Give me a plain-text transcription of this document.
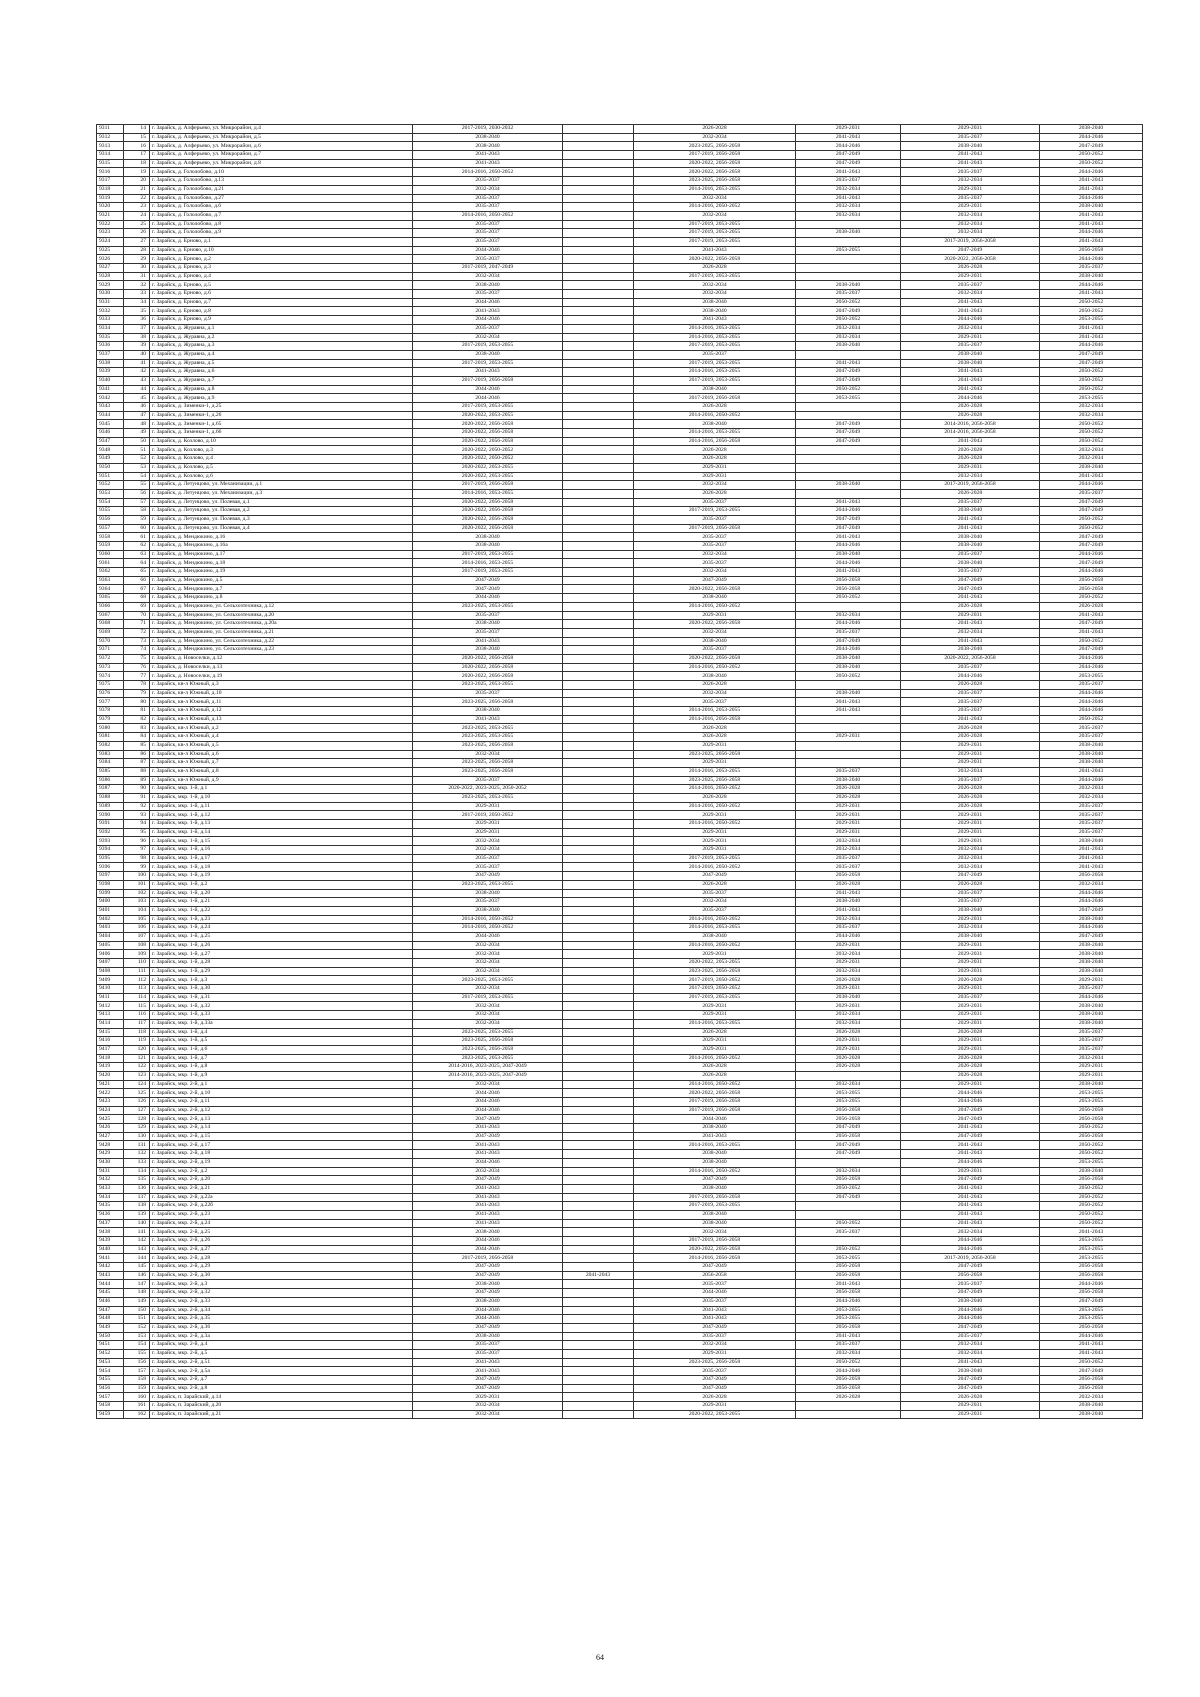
9311	14	г. Зарайск, д. Алферьево, ул. Микрорайон, д.4	2017-2019, 2030-2032		2026-2028	2029-2031	2029-2031	2038-2040
9312	15	г. Зарайск, д. Алферьево, ул. Микрорайон, д.5	2038-2040		2032-2034	2041-2043	2035-2037	2044-2046
9313	16	г. Зарайск, д. Алферьево, ул. Микрорайон, д.6	2038-2040		2023-2025, 2056-2058	2044-2046	2038-2040	2047-2049
9314	17	г. Зарайск, д. Алферьево, ул. Микрорайон, д.7	2041-2043		2017-2019, 2056-2058	2047-2049	2041-2043	2050-2052
9315	18	г. Зарайск, д. Алферьево, ул. Микрорайон, д.8	2041-2043		2020-2022, 2056-2058	2047-2049	2041-2043	2050-2052
9316	19	г. Зарайск, д. Гололобово, д.10	2014-2016, 2050-2052		2020-2022, 2056-2058	2041-2043	2035-2037	2044-2046
9317	20	г. Зарайск, д. Гололобово, д.13	2035-2037		2023-2025, 2056-2058	2035-2037	2032-2034	2041-2043
9318	21	г. Зарайск, д. Гололобово, д.21	2032-2034		2014-2016, 2053-2055	2032-2034	2029-2031	2041-2043
9319	22	г. Зарайск, д. Гололобово, д.27	2035-2037		2032-2034	2041-2043	2035-2037	2044-2046
9320	23	г. Зарайск, д. Гололобово, д.6	2035-2037		2014-2016, 2050-2052	2032-2034	2029-2031	2038-2040
9321	24	г. Зарайск, д. Гололобово, д.7	2014-2016, 2050-2052		2032-2034	2032-2034	2032-2034	2041-2043
9322	25	г. Зарайск, д. Гололобово, д.8	2035-2037		2017-2019, 2053-2055		2032-2034	2041-2043
9323	26	г. Зарайск, д. Гололобово, д.9	2035-2037		2017-2019, 2053-2055	2038-2040	2032-2034	2044-2046
9324	27	г. Зарайск, д. Ерново, д.1	2035-2037		2017-2019, 2053-2055		2017-2019, 2056-2058	2041-2043
9325	28	г. Зарайск, д. Ерново, д.10	2044-2046		2041-2043	2053-2055	2047-2049	2056-2058
9326	29	г. Зарайск, д. Ерново, д.2	2035-2037		2020-2022, 2056-2058		2020-2022, 2056-2058	2044-2046
9327	30	г. Зарайск, д. Ерново, д.3	2017-2019, 2047-2049		2026-2028		2026-2028	2035-2037
9328	31	г. Зарайск, д. Ерново, д.4	2032-2034		2017-2019, 2053-2055		2029-2031	2038-2040
9329	32	г. Зарайск, д. Ерново, д.5	2038-2040		2032-2034	2038-2040	2035-2037	2044-2046
9330	33	г. Зарайск, д. Ерново, д.6	2035-2037		2032-2034	2035-2037	2032-2034	2041-2043
9331	34	г. Зарайск, д. Ерново, д.7	2044-2046		2038-2040	2050-2052	2041-2043	2050-2052
9332	35	г. Зарайск, д. Ерново, д.8	2041-2043		2038-2040	2047-2049	2041-2043	2050-2052
9333	36	г. Зарайск, д. Ерново, д.9	2044-2046		2041-2043	2050-2052	2044-2046	2053-2055
9334	37	г. Зарайск, д. Журавна, д.1	2035-2037		2014-2016, 2053-2055	2032-2034	2032-2034	2041-2043
9335	38	г. Зарайск, д. Журавна, д.2	2032-2034		2014-2016, 2053-2055	2032-2034	2029-2031	2041-2043
9336	39	г. Зарайск, д. Журавна, д.3	2017-2019, 2053-2055		2017-2019, 2053-2055	2038-2040	2035-2037	2044-2046
9337	40	г. Зарайск, д. Журавна, д.4	2038-2040		2035-2037		2038-2040	2047-2049
9338	41	г. Зарайск, д. Журавна, д.5	2017-2019, 2053-2055		2017-2019, 2053-2055	2041-2043	2038-2040	2047-2049
9339	42	г. Зарайск, д. Журавна, д.6	2041-2043		2014-2016, 2053-2055	2047-2049	2041-2043	2050-2052
9340	43	г. Зарайск, д. Журавна, д.7	2017-2019, 2056-2058		2017-2019, 2053-2055	2047-2049	2041-2043	2050-2052
9341	44	г. Зарайск, д. Журавна, д.8	2044-2046		2038-2040	2050-2052	2041-2043	2050-2052
9342	45	г. Зарайск, д. Журавна, д.9	2044-2046		2017-2019, 2056-2058	2053-2055	2044-2046	2053-2055
9343	46	г. Зарайск, д. Зименки-1, д.25	2017-2019, 2053-2055		2026-2028		2026-2028	2032-2034
9344	47	г. Зарайск, д. Зименки-1, д.26	2020-2022, 2053-2055		2014-2016, 2050-2052		2026-2028	2032-2034
9345	48	г. Зарайск, д. Зименки-1, д.65	2020-2022, 2056-2058		2038-2040	2047-2049	2014-2016, 2056-2058	2050-2052
9346	49	г. Зарайск, д. Зименки-1, д.66	2020-2022, 2056-2058		2014-2016, 2053-2055	2047-2049	2014-2016, 2056-2058	2050-2052
9347	50	г. Зарайск, д. Козлово, д.10	2020-2022, 2056-2058		2014-2016, 2056-2058	2047-2049	2041-2043	2050-2052
9348	51	г. Зарайск, д. Козлово, д.3	2020-2022, 2050-2052		2026-2028		2026-2028	2032-2034
9349	52	г. Зарайск, д. Козлово, д.4	2020-2022, 2050-2052		2026-2028		2026-2028	2032-2034
9350	53	г. Зарайск, д. Козлово, д.5	2020-2022, 2053-2055		2029-2031		2029-2031	2038-2040
9351	54	г. Зарайск, д. Козлово, д.6	2020-2022, 2053-2055		2029-2031		2032-2034	2041-2043
9352	55	г. Зарайск, д. Летунцово, ул. Механизации, д.1	2017-2019, 2056-2058		2032-2034	2038-2040	2017-2019, 2056-2058	2044-2046
9353	56	г. Зарайск, д. Летунцово, ул. Механизации, д.3	2014-2016, 2053-2055		2026-2028		2026-2028	2035-2037
9354	57	г. Зарайск, д. Летунцово, ул. Полевая, д.1	2020-2022, 2056-2058		2035-2037	2041-2043	2035-2037	2047-2049
9355	58	г. Зарайск, д. Летунцово, ул. Полевая, д.2	2020-2022, 2056-2058		2017-2019, 2053-2055	2044-2046	2038-2040	2047-2049
9356	59	г. Зарайск, д. Летунцово, ул. Полевая, д.3	2020-2022, 2056-2058		2035-2037	2047-2049	2041-2043	2050-2052
9357	60	г. Зарайск, д. Летунцово, ул. Полевая, д.4	2020-2022, 2056-2058		2017-2019, 2056-2058	2047-2049	2041-2043	2050-2052
9358	61	г. Зарайск, д. Мендюкино, д.16	2038-2040		2035-2037	2041-2043	2038-2040	2047-2049
9359	62	г. Зарайск, д. Мендюкино, д.16а	2038-2040		2035-2037	2044-2046	2038-2040	2047-2049
9360	63	г. Зарайск, д. Мендюкино, д.17	2017-2019, 2053-2055		2032-2034	2038-2040	2035-2037	2044-2046
9361	64	г. Зарайск, д. Мендюкино, д.18	2014-2016, 2053-2055		2035-2037	2044-2046	2038-2040	2047-2049
9362	65	г. Зарайск, д. Мендюкино, д.19	2017-2019, 2053-2055		2032-2034	2041-2043	2035-2037	2044-2046
9363	66	г. Зарайск, д. Мендюкино, д.5	2047-2049		2047-2049	2056-2058	2047-2049	2056-2058
9364	67	г. Зарайск, д. Мендюкино, д.7	2047-2049		2020-2022, 2056-2058	2056-2058	2047-2049	2056-2058
9365	68	г. Зарайск, д. Мендюкино, д.8	2044-2046		2038-2040	2050-2052	2041-2043	2050-2052
9366	69	г. Зарайск, д. Мендюкино, ул. Сельхозтехника, д.12	2023-2025, 2053-2055		2014-2016, 2050-2052		2026-2028	2026-2028
9367	70	г. Зарайск, д. Мендюкино, ул. Сельхозтехника, д.20	2035-2037		2029-2031	2032-2034	2029-2031	2041-2043
9368	71	г. Зарайск, д. Мендюкино, ул. Сельхозтехника, д.20а	2038-2040		2020-2022, 2056-2058	2044-2046	2041-2043	2047-2049
9369	72	г. Зарайск, д. Мендюкино, ул. Сельхозтехника, д.21	2035-2037		2032-2034	2035-2037	2032-2034	2041-2043
9370	73	г. Зарайск, д. Мендюкино, ул. Сельхозтехника, д.22	2041-2043		2038-2040	2047-2049	2041-2043	2050-2052
9371	74	г. Зарайск, д. Мендюкино, ул. Сельхозтехника, д.23	2038-2040		2035-2037	2044-2046	2038-2040	2047-2049
9372	75	г. Зарайск, д. Новоселки, д.12	2020-2022, 2056-2058		2020-2022, 2056-2058	2038-2040	2020-2022, 2056-2058	2044-2046
9373	76	г. Зарайск, д. Новоселки, д.13	2020-2022, 2056-2058		2014-2016, 2050-2052	2038-2040	2035-2037	2044-2046
9374	77	г. Зарайск, д. Новоселки, д.19	2020-2022, 2056-2058		2038-2040	2050-2052	2044-2046	2053-2055
9375	78	г. Зарайск, кв-л Южный, д.3	2023-2025, 2053-2055		2026-2028		2026-2028	2035-2037
9376	79	г. Зарайск, кв-л Южный, д.10	2035-2037		2032-2034	2038-2040	2035-2037	2044-2046
9377	80	г. Зарайск, кв-л Южный, д.11	2023-2025, 2056-2058		2035-2037	2041-2043	2035-2037	2044-2046
9378	81	г. Зарайск, кв-л Южный, д.12	2038-2040		2014-2016, 2053-2055	2041-2043	2035-2037	2044-2046
9379	82	г. Зарайск, кв-л Южный, д.13	2041-2043		2014-2016, 2056-2058		2041-2043	2050-2052
9380	83	г. Зарайск, кв-л Южный, д.2	2023-2025, 2053-2055		2026-2028		2026-2028	2035-2037
9381	84	г. Зарайск, кв-л Южный, д.4	2023-2025, 2053-2055		2026-2028	2029-2031	2026-2028	2035-2037
9382	85	г. Зарайск, кв-л Южный, д.5	2023-2025, 2056-2058		2029-2031		2029-2031	2038-2040
9383	86	г. Зарайск, кв-л Южный, д.6	2032-2034		2023-2025, 2056-2058		2029-2031	2038-2040
9384	87	г. Зарайск, кв-л Южный, д.7	2023-2025, 2056-2058		2029-2031		2029-2031	2038-2040
9385	88	г. Зарайск, кв-л Южный, д.8	2023-2025, 2056-2058		2014-2016, 2053-2055	2035-2037	2032-2034	2041-2043
9386	89	г. Зарайск, кв-л Южный, д.9	2035-2037		2023-2025, 2056-2058	2038-2040	2035-2037	2044-2046
9387	90	г. Зарайск, мкр. 1-й, д.1	2020-2022, 2023-2025, 2050-2052		2014-2016, 2050-2052	2026-2028	2026-2028	2032-2034
9388	91	г. Зарайск, мкр. 1-й, д.10	2023-2025, 2053-2055		2026-2028	2026-2028	2026-2028	2032-2034
9389	92	г. Зарайск, мкр. 1-й, д.11	2029-2031		2014-2016, 2050-2052	2029-2031	2026-2028	2035-2037
9390	93	г. Зарайск, мкр. 1-й, д.12	2017-2019, 2050-2052		2029-2031	2029-2031	2029-2031	2035-2037
9391	94	г. Зарайск, мкр. 1-й, д.13	2029-2031		2014-2016, 2050-2052	2029-2031	2029-2031	2035-2037
9392	95	г. Зарайск, мкр. 1-й, д.14	2029-2031		2029-2031	2029-2031	2029-2031	2035-2037
9393	96	г. Зарайск, мкр. 1-й, д.15	2032-2034		2029-2031	2032-2034	2029-2031	2038-2040
9394	97	г. Зарайск, мкр. 1-й, д.16	2032-2034		2029-2031	2032-2034	2032-2034	2041-2043
9395	98	г. Зарайск, мкр. 1-й, д.17	2035-2037		2017-2019, 2053-2055	2035-2037	2032-2034	2041-2043
9396	99	г. Зарайск, мкр. 1-й, д.18	2035-2037		2014-2016, 2050-2052	2035-2037	2032-2034	2041-2043
9397	100	г. Зарайск, мкр. 1-й, д.19	2047-2049		2047-2049	2056-2058	2047-2049	2056-2058
9398	101	г. Зарайск, мкр. 1-й, д.2	2023-2025, 2053-2055		2026-2028	2026-2028	2026-2028	2032-2034
9399	102	г. Зарайск, мкр. 1-й, д.20	2038-2040		2035-2037	2041-2043	2035-2037	2044-2046
9400	103	г. Зарайск, мкр. 1-й, д.21	2035-2037		2032-2034	2038-2040	2035-2037	2044-2046
9401	104	г. Зарайск, мкр. 1-й, д.22	2038-2040		2035-2037	2041-2043	2038-2040	2047-2049
9402	105	г. Зарайск, мкр. 1-й, д.23	2014-2016, 2050-2052		2014-2016, 2050-2052	2032-2034	2029-2031	2038-2040
9403	106	г. Зарайск, мкр. 1-й, д.24	2014-2016, 2050-2052		2014-2016, 2053-2055	2035-2037	2032-2034	2044-2046
9404	107	г. Зарайск, мкр. 1-й, д.25	2044-2046		2038-2040	2044-2046	2038-2040	2047-2049
9405	108	г. Зарайск, мкр. 1-й, д.26	2032-2034		2014-2016, 2050-2052	2029-2031	2029-2031	2038-2040
9406	109	г. Зарайск, мкр. 1-й, д.27	2032-2034		2029-2031	2032-2034	2029-2031	2038-2040
9407	110	г. Зарайск, мкр. 1-й, д.28	2032-2034		2020-2022, 2053-2055	2029-2031	2029-2031	2038-2040
9408	111	г. Зарайск, мкр. 1-й, д.29	2032-2034		2023-2025, 2056-2058	2032-2034	2029-2031	2038-2040
9409	112	г. Зарайск, мкр. 1-й, д.3	2023-2025, 2053-2055		2017-2019, 2050-2052	2026-2028	2026-2028	2029-2031
9410	113	г. Зарайск, мкр. 1-й, д.30	2032-2034		2017-2019, 2050-2052	2029-2031	2029-2031	2035-2037
9411	114	г. Зарайск, мкр. 1-й, д.31	2017-2019, 2053-2055		2017-2019, 2053-2055	2038-2040	2035-2037	2044-2046
9412	115	г. Зарайск, мкр. 1-й, д.32	2032-2034		2029-2031	2029-2031	2029-2031	2038-2040
9413	116	г. Зарайск, мкр. 1-й, д.33	2032-2034		2029-2031	2032-2034	2029-2031	2038-2040
9414	117	г. Зарайск, мкр. 1-й, д.33а	2032-2034		2014-2016, 2053-2055	2032-2034	2029-2031	2038-2040
9415	118	г. Зарайск, мкр. 1-й, д.4	2023-2025, 2053-2055		2026-2028	2026-2028	2026-2028	2035-2037
9416	119	г. Зарайск, мкр. 1-й, д.5	2023-2025, 2056-2058		2029-2031	2029-2031	2029-2031	2035-2037
9417	120	г. Зарайск, мкр. 1-й, д.6	2023-2025, 2056-2058		2029-2031	2029-2031	2029-2031	2035-2037
9418	121	г. Зарайск, мкр. 1-й, д.7	2023-2025, 2053-2055		2014-2016, 2050-2052	2026-2028	2026-2028	2032-2034
9419	122	г. Зарайск, мкр. 1-й, д.8	2014-2016, 2023-2025, 2047-2049		2026-2028	2026-2028	2026-2028	2029-2031
9420	123	г. Зарайск, мкр. 1-й, д.9	2014-2016, 2023-2025, 2047-2049		2026-2028		2026-2028	2029-2031
9421	124	г. Зарайск, мкр. 2-й, д.1	2032-2034		2014-2016, 2050-2052	2032-2034	2029-2031	2038-2040
9422	125	г. Зарайск, мкр. 2-й, д.10	2044-2046		2020-2022, 2056-2058	2053-2055	2044-2046	2053-2055
9423	126	г. Зарайск, мкр. 2-й, д.11	2044-2046		2017-2019, 2056-2058	2053-2055	2044-2046	2053-2055
9424	127	г. Зарайск, мкр. 2-й, д.12	2044-2046		2017-2019, 2056-2058	2056-2058	2047-2049	2056-2058
9425	128	г. Зарайск, мкр. 2-й, д.13	2047-2049		2044-2046	2056-2058	2047-2049	2056-2058
9426	129	г. Зарайск, мкр. 2-й, д.14	2041-2043		2038-2040	2047-2049	2041-2043	2050-2052
9427	130	г. Зарайск, мкр. 2-й, д.15	2047-2049		2041-2043	2056-2058	2047-2049	2056-2058
9428	131	г. Зарайск, мкр. 2-й, д.17	2041-2043		2014-2016, 2053-2055	2047-2049	2041-2043	2050-2052
9429	132	г. Зарайск, мкр. 2-й, д.18	2041-2043		2038-2040	2047-2049	2041-2043	2050-2052
9430	133	г. Зарайск, мкр. 2-й, д.19	2044-2046		2038-2040		2044-2046	2053-2055
9431	134	г. Зарайск, мкр. 2-й, д.2	2032-2034		2014-2016, 2050-2052	2032-2034	2029-2031	2038-2040
9432	135	г. Зарайск, мкр. 2-й, д.20	2047-2049		2047-2049	2056-2058	2047-2049	2056-2058
9433	136	г. Зарайск, мкр. 2-й, д.21	2041-2043		2038-2040	2050-2052	2041-2043	2050-2052
9434	137	г. Зарайск, мкр. 2-й, д.22а	2041-2043		2017-2019, 2056-2058	2047-2049	2041-2043	2050-2052
9435	138	г. Зарайск, мкр. 2-й, д.22б	2041-2043		2017-2019, 2053-2055		2041-2043	2050-2052
9436	139	г. Зарайск, мкр. 2-й, д.23	2041-2043		2038-2040		2041-2043	2050-2052
9437	140	г. Зарайск, мкр. 2-й, д.24	2041-2043		2038-2040	2050-2052	2041-2043	2050-2052
9438	141	г. Зарайск, мкр. 2-й, д.25	2038-2040		2032-2034	2035-2037	2032-2034	2041-2043
9439	142	г. Зарайск, мкр. 2-й, д.26	2044-2046		2017-2019, 2056-2058		2044-2046	2053-2055
9440	143	г. Зарайск, мкр. 2-й, д.27	2044-2046		2020-2022, 2056-2058	2050-2052	2044-2046	2053-2055
9441	144	г. Зарайск, мкр. 2-й, д.28	2017-2019, 2056-2058		2014-2016, 2056-2058	2053-2055	2017-2019, 2056-2058	2053-2055
9442	145	г. Зарайск, мкр. 2-й, д.29	2047-2049		2047-2049	2056-2058	2047-2049	2056-2058
9443	146	г. Зарайск, мкр. 2-й, д.30	2047-2049	2041-2043	2056-2058	2056-2058	2056-2058	2056-2058
9444	147	г. Зарайск, мкр. 2-й, д.3	2038-2040		2035-2037	2041-2043	2035-2037	2044-2046
9445	148	г. Зарайск, мкр. 2-й, д.32	2047-2049		2044-2046	2056-2058	2047-2049	2056-2058
9446	149	г. Зарайск, мкр. 2-й, д.33	2038-2040		2035-2037	2044-2046	2038-2040	2047-2049
9447	150	г. Зарайск, мкр. 2-й, д.34	2044-2046		2041-2043	2053-2055	2044-2046	2053-2055
9448	151	г. Зарайск, мкр. 2-й, д.35	2044-2046		2041-2043	2053-2055	2044-2046	2053-2055
9449	152	г. Зарайск, мкр. 2-й, д.36	2047-2049		2047-2049	2056-2058	2047-2049	2056-2058
9450	153	г. Зарайск, мкр. 2-й, д.3а	2038-2040		2035-2037	2041-2043	2035-2037	2044-2046
9451	154	г. Зарайск, мкр. 2-й, д.4	2035-2037		2032-2034	2035-2037	2032-2034	2041-2043
9452	155	г. Зарайск, мкр. 2-й, д.5	2035-2037		2029-2031	2032-2034	2032-2034	2041-2043
9453	156	г. Зарайск, мкр. 2-й, д.51	2041-2043		2023-2025, 2056-2058	2050-2052	2041-2043	2050-2052
9454	157	г. Зарайск, мкр. 2-й, д.5а	2041-2043		2035-2037	2044-2046	2038-2040	2047-2049
9455	158	г. Зарайск, мкр. 2-й, д.7	2047-2049		2047-2049	2056-2058	2047-2049	2056-2058
9456	159	г. Зарайск, мкр. 2-й, д.8	2047-2049		2047-2049	2056-2058	2047-2049	2056-2058
9457	160	г. Зарайск, п. Зарайский, д.14	2029-2031		2026-2028	2026-2028	2026-2028	2032-2034
9458	161	г. Зарайск, п. Зарайский, д.20	2032-2034		2029-2031		2029-2031	2038-2040
9459	162	г. Зарайск, п. Зарайский, д.21	2032-2034		2020-2022, 2053-2055		2029-2031	2038-2040
64
